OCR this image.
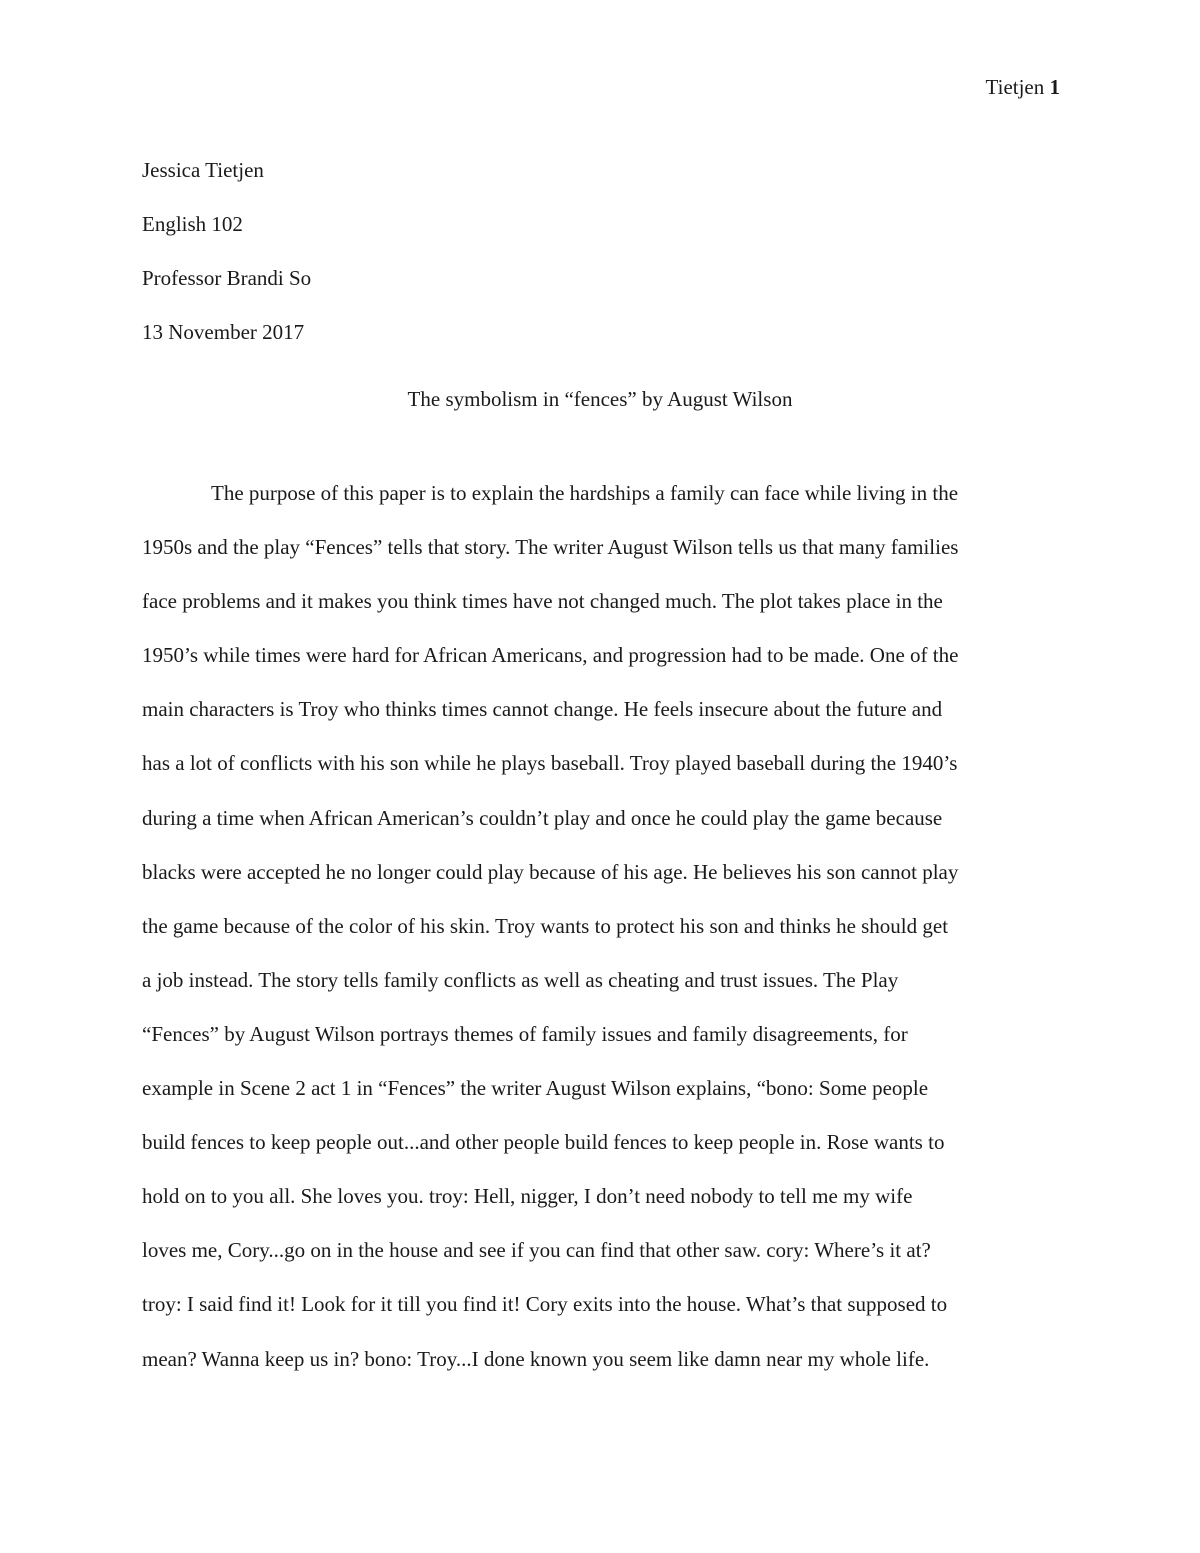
Tietjen 1
Jessica Tietjen
English 102
Professor Brandi So
13 November 2017
The symbolism in “fences” by August Wilson
The purpose of this paper is to explain the hardships a family can face while living in the
1950s and the play “Fences” tells that story. The writer August Wilson tells us that many families
face problems and it makes you think times have not changed much. The plot takes place in the
1950’s while times were hard for African Americans, and progression had to be made. One of the
main characters is Troy who thinks times cannot change. He feels insecure about the future and
has a lot of conflicts with his son while he plays baseball. Troy played baseball during the 1940’s
during a time when African American’s couldn’t play and once he could play the game because
blacks were accepted he no longer could play because of his age. He believes his son cannot play
the game because of the color of his skin. Troy wants to protect his son and thinks he should get
a job instead. The story tells family conflicts as well as cheating and trust issues. The Play
“Fences” by August Wilson portrays themes of family issues and family disagreements, for
example in Scene 2 act 1 in “Fences” the writer August Wilson explains, “bono: Some people
build fences to keep people out...and other people build fences to keep people in. Rose wants to
hold on to you all. She loves you. troy: Hell, nigger, I don’t need nobody to tell me my wife
loves me, Cory...go on in the house and see if you can find that other saw. cory: Where’s it at?
troy: I said find it! Look for it till you find it! Cory exits into the house. What’s that supposed to
mean? Wanna keep us in? bono: Troy...I done known you seem like damn near my whole life.
